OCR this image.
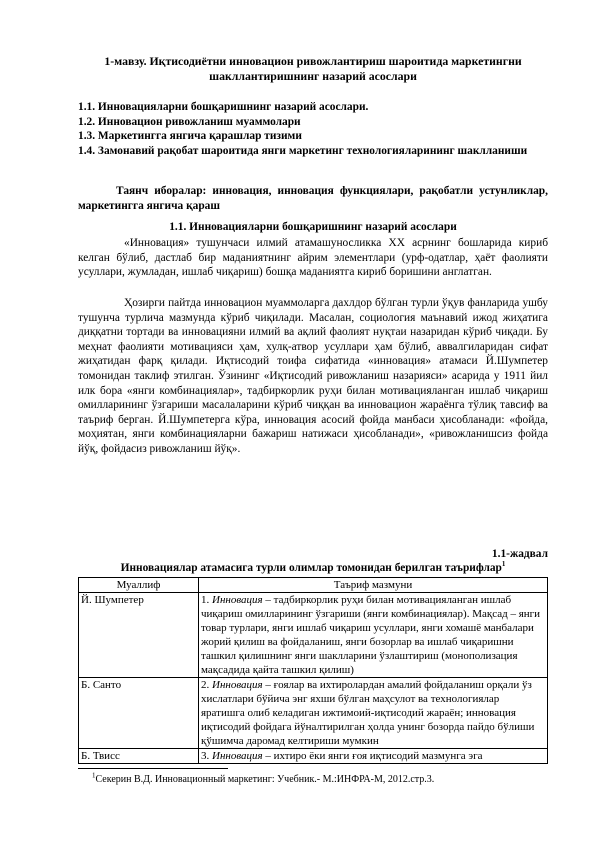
1-мавзу. Иқтисодиётни инновацион ривожлантириш шароитида маркетингни шакллантиришнинг назарий асослари
1.1. Инновацияларни бошқаришнинг назарий асослари.
1.2. Инновацион ривожланиш муаммолари
1.3. Маркетингга янгича қарашлар тизими
1.4. Замонавий рақобат шароитида янги маркетинг технологияларининг шаклланиши
Таянч иборалар: инновация, инновация функциялари, рақобатли устунликлар, маркетингга янгича қараш
1.1. Инновацияларни бошқаришнинг назарий асослари
«Инновация» тушунчаси илмий атамашуносликка ХХ асрнинг бошларида кириб келган бўлиб, дастлаб бир маданиятнинг айрим элементлари (урф-одатлар, ҳаёт фаолияти усуллари, жумладан, ишлаб чиқариш) бошқа маданиятга кириб боришини англатган.
Ҳозирги пайтда инновацион муаммоларга дахлдор бўлган турли ўқув фанларида ушбу тушунча турлича мазмунда кўриб чиқилади. Масалан, социология маънавий ижод жиҳатига диққатни тортади ва инновацияни илмий ва ақлий фаолият нуқтаи назаридан кўриб чиқади. Бу меҳнат фаолияти мотивацияси ҳам, хулқ-атвор усуллари ҳам бўлиб, аввалгиларидан сифат жиҳатидан фарқ қилади. Иқтисодий тоифа сифатида «инновация» атамаси Й.Шумпетер томонидан таклиф этилган. Ўзининг «Иқтисодий ривожланиш назарияси» асарида у 1911 йил илк бора «янги комбинациялар», тадбиркорлик руҳи билан мотивацияланган ишлаб чиқариш омилларининг ўзгариши масалаларини кўриб чиққан ва инновацион жараёнга тўлиқ тавсиф ва таъриф берган. Й.Шумпетерга кўра, инновация асосий фойда манбаси ҳисобланади: «фойда, моҳиятан, янги комбинацияларни бажариш натижаси ҳисобланади», «ривожланишсиз фойда йўқ, фойдасиз ривожланиш йўқ».
1.1-жадвал
Инновациялар атамасига турли олимлар томонидан берилган таърифлар$^1$
Муаллиф	Таъриф мазмуни
Й. Шумпетер	1. Инновация – тадбиркорлик руҳи билан мотивацияланган ишлаб чиқариш омилларининг ўзгариши (янги комбинациялар). Мақсад – янги товар турлари, янги ишлаб чиқариш усуллари, янги хомашё манбалари жорий қилиш ва фойдаланиш, янги бозорлар ва ишлаб чиқаришни ташкил қилишнинг янги шаклларини ўзлаштириш (монополизация мақсадида қайта ташкил қилиш)
Б. Санто	2. Инновация – ғоялар ва ихтиролардан амалий фойдаланиш орқали ўз хислатлари бўйича энг яхши бўлган маҳсулот ва технологиялар яратишга олиб келадиган ижтимоий-иқтисодий жараён; инновация иқтисодий фойдага йўналтирилган ҳолда унинг бозорда пайдо бўлиши қўшимча даромад келтириши мумкин
Б. Твисс	3. Инновация – ихтиро ёки янги ғоя иқтисодий мазмунга эга
$^1$Секерин В.Д. Инновационный маркетинг: Учебник.- М.:ИНФРА-М, 2012.стр.3.
